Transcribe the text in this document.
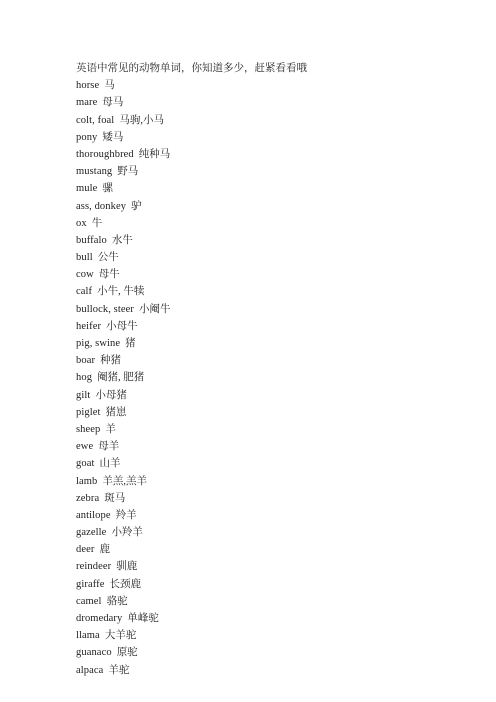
英语中常见的动物单词，你知道多少，赶紧看看哦
horse 马
mare 母马
colt, foal 马驹,小马
pony 矮马
thoroughbred 纯种马
mustang 野马
mule 骡
ass, donkey 驴
ox 牛
buffalo 水牛
bull 公牛
cow 母牛
calf 小牛, 牛犊
bullock, steer 小阉牛
heifer 小母牛
pig, swine 猪
boar 种猪
hog 阉猪, 肥猪
gilt 小母猪
piglet 猪崽
sheep 羊
ewe 母羊
goat 山羊
lamb 羊羔,羔羊
zebra 斑马
antilope 羚羊
gazelle 小羚羊
deer 鹿
reindeer 驯鹿
giraffe 长颈鹿
camel 骆驼
dromedary 单峰驼
llama 大羊驼
guanaco 原驼
alpaca 羊驼
